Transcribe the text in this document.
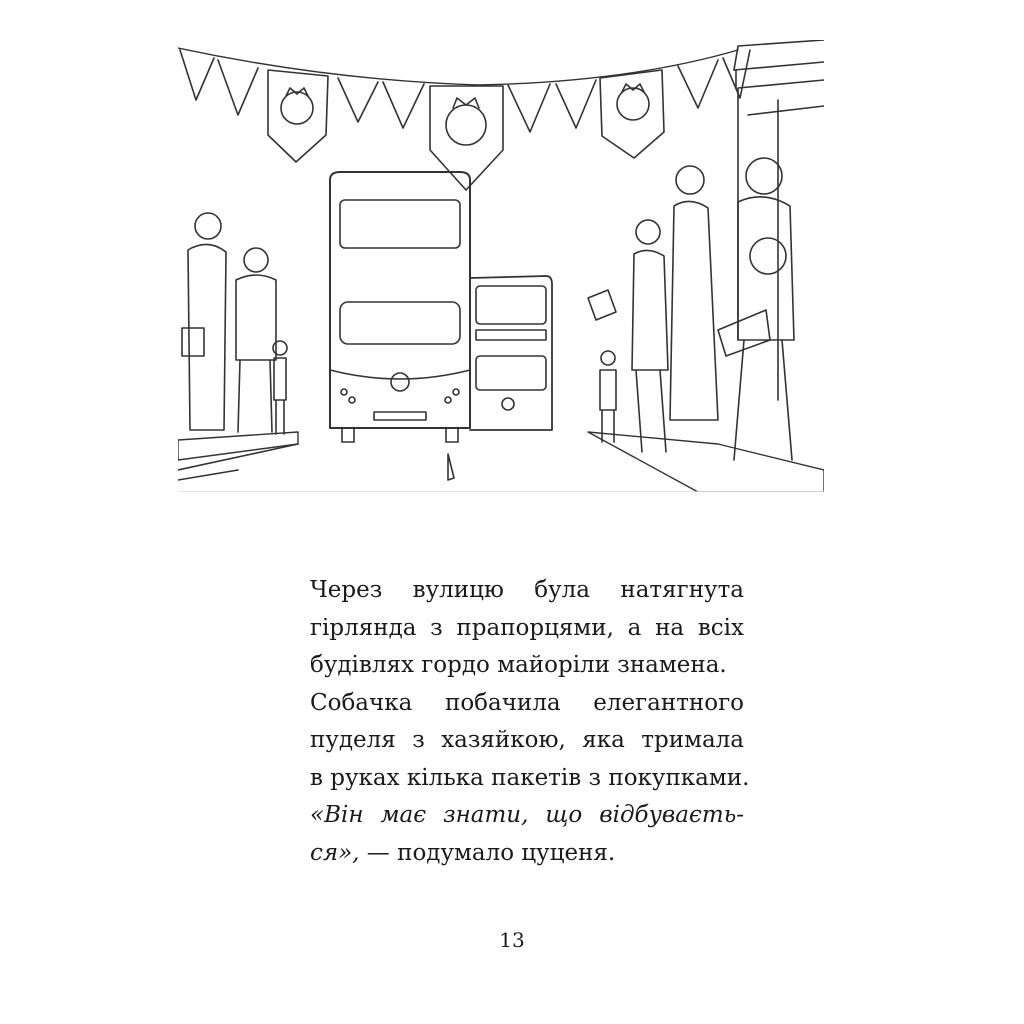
Через вулицю була натягнута
гірлянда з прапорцями, а на всіх
будівлях гордо майоріли знамена.

Собачка побачила елегантного
пуделя з хазяйкою, яка тримала
в руках кілька пакетів з покупками.

«Він має знати, що відбуваєть-
ся», — подумало цуценя.

13
